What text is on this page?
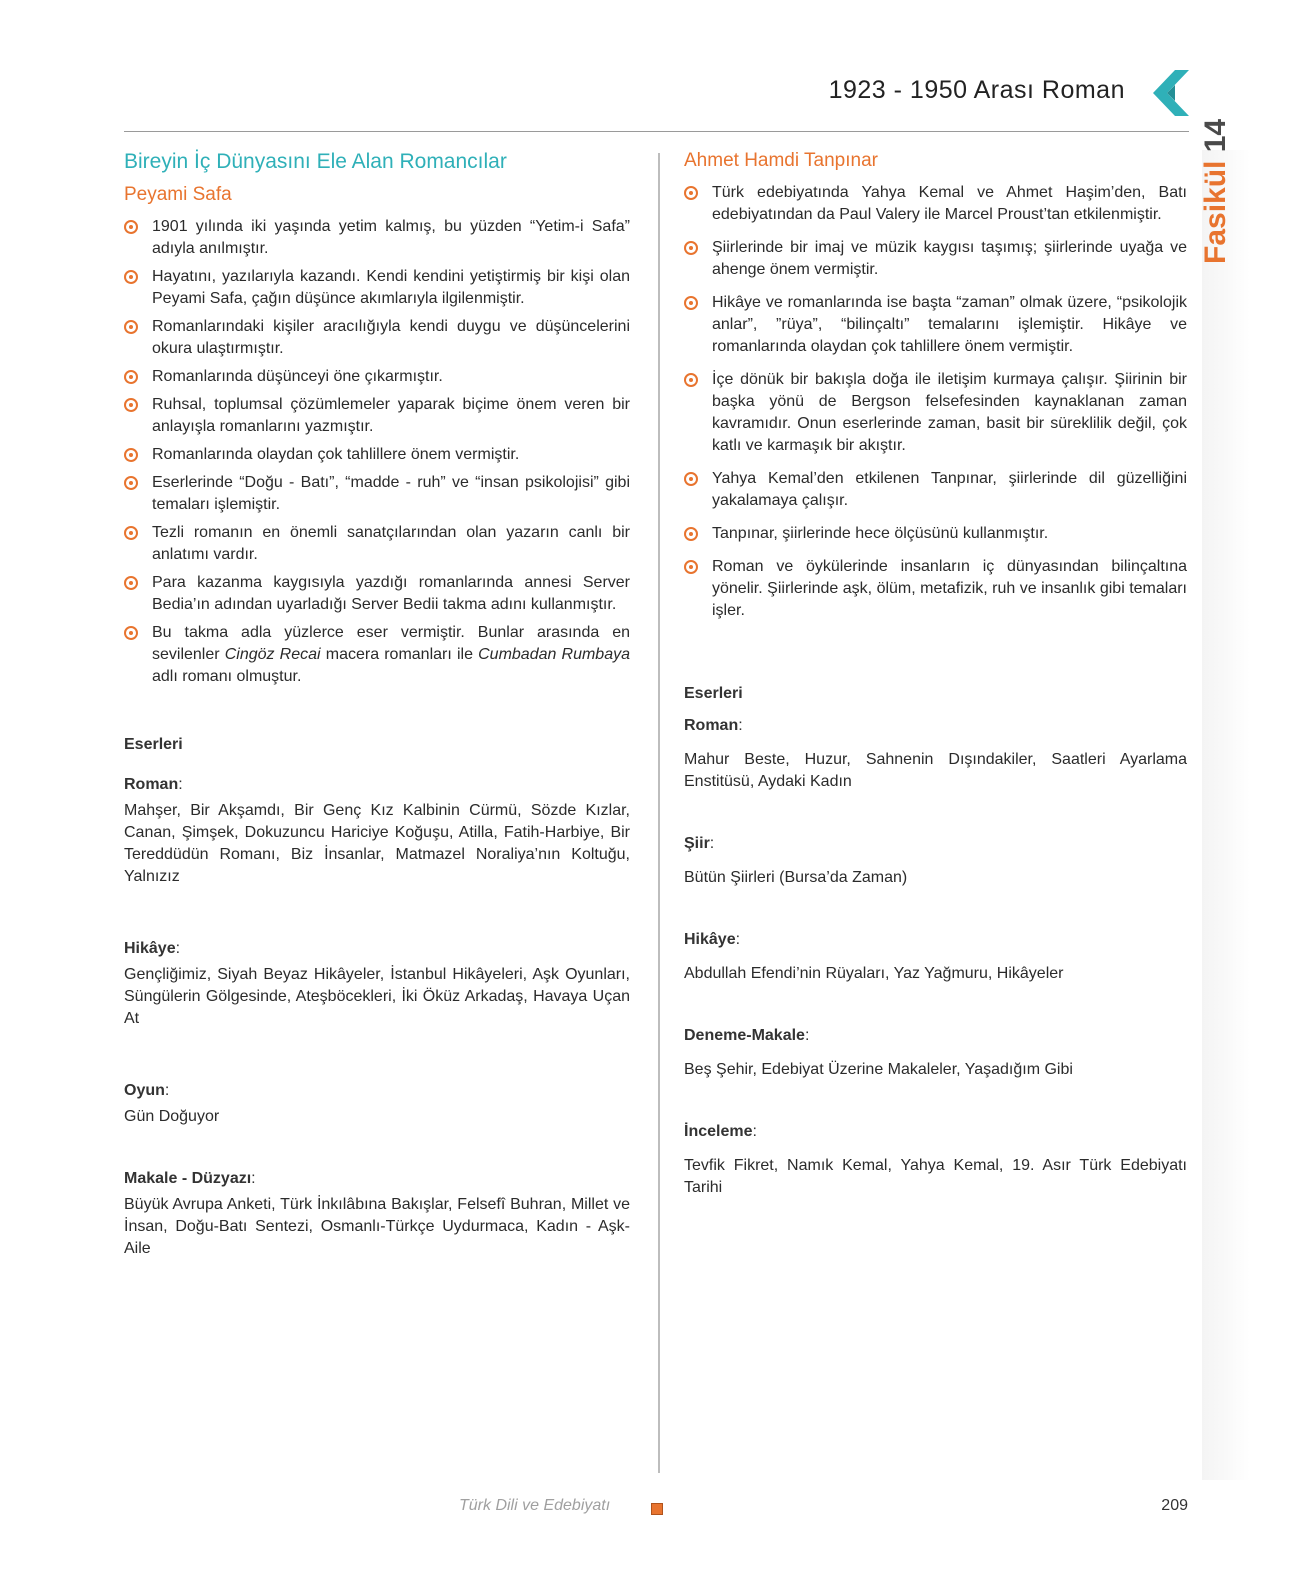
1923 - 1950 Arası Roman
Fasikül 14
Bireyin İç Dünyasını Ele Alan Romancılar
Peyami Safa
1901 yılında iki yaşında yetim kalmış, bu yüzden “Yetim-i Safa” adıyla anılmıştır.
Hayatını, yazılarıyla kazandı. Kendi kendini yetiştirmiş bir kişi olan Peyami Safa, çağın düşünce akımlarıyla ilgilenmiştir.
Romanlarındaki kişiler aracılığıyla kendi duygu ve düşüncelerini okura ulaştırmıştır.
Romanlarında düşünceyi öne çıkarmıştır.
Ruhsal, toplumsal çözümlemeler yaparak biçime önem veren bir anlayışla romanlarını yazmıştır.
Romanlarında olaydan çok tahlillere önem vermiştir.
Eserlerinde “Doğu - Batı”, “madde - ruh” ve “insan psikolojisi” gibi temaları işlemiştir.
Tezli romanın en önemli sanatçılarından olan yazarın canlı bir anlatımı vardır.
Para kazanma kaygısıyla yazdığı romanlarında annesi Server Bedia’ın adından uyarladığı Server Bedii takma adını kullanmıştır.
Bu takma adla yüzlerce eser vermiştir. Bunlar arasında en sevilenler Cingöz Recai macera romanları ile Cumbadan Rumbaya adlı romanı olmuştur.

Eserleri

Roman:

Mahşer, Bir Akşamdı, Bir Genç Kız Kalbinin Cürmü, Sözde Kızlar, Canan, Şimşek, Dokuzuncu Hariciye Koğuşu, Atilla, Fatih-Harbiye, Bir Tereddüdün Romanı, Biz İnsanlar, Matmazel Noraliya’nın Koltuğu, Yalnızız

Hikâye:

Gençliğimiz, Siyah Beyaz Hikâyeler, İstanbul Hikâyeleri, Aşk Oyunları, Süngülerin Gölgesinde, Ateşböcekleri, İki Öküz Arkadaş, Havaya Uçan At

Oyun:

Gün Doğuyor

Makale - Düzyazı:

Büyük Avrupa Anketi, Türk İnkılâbına Bakışlar, Felsefî Buhran, Millet ve İnsan, Doğu-Batı Sentezi, Osmanlı-Türkçe Uydurmaca, Kadın - Aşk- Aile

Ahmet Hamdi Tanpınar
Türk edebiyatında Yahya Kemal ve Ahmet Haşim’den, Batı edebiyatından da Paul Valery ile Marcel Proust’tan etkilenmiştir.
Şiirlerinde bir imaj ve müzik kaygısı taşımış; şiirlerinde uyağa ve ahenge önem vermiştir.
Hikâye ve romanlarında ise başta “zaman” olmak üzere, “psikolojik anlar”, ”rüya”, “bilinçaltı” temalarını işlemiştir. Hikâye ve romanlarında olaydan çok tahlillere önem vermiştir.
İçe dönük bir bakışla doğa ile iletişim kurmaya çalışır. Şiirinin bir başka yönü de Bergson felsefesinden kaynaklanan zaman kavramıdır. Onun eserlerinde zaman, basit bir süreklilik değil, çok katlı ve karmaşık bir akıştır.
Yahya Kemal’den etkilenen Tanpınar, şiirlerinde dil güzelliğini yakalamaya çalışır.
Tanpınar, şiirlerinde hece ölçüsünü kullanmıştır.
Roman ve öykülerinde insanların iç dünyasından bilinçaltına yönelir. Şiirlerinde aşk, ölüm, metafizik, ruh ve insanlık gibi temaları işler.

Eserleri

Roman:

Mahur Beste, Huzur, Sahnenin Dışındakiler, Saatleri Ayarlama Enstitüsü, Aydaki Kadın

Şiir:

Bütün Şiirleri (Bursa’da Zaman)

Hikâye:

Abdullah Efendi’nin Rüyaları, Yaz Yağmuru, Hikâyeler

Deneme-Makale:

Beş Şehir, Edebiyat Üzerine Makaleler, Yaşadığım Gibi

İnceleme:

Tevfik Fikret, Namık Kemal, Yahya Kemal, 19. Asır Türk Edebiyatı Tarihi

Türk Dili ve Edebiyatı	209
